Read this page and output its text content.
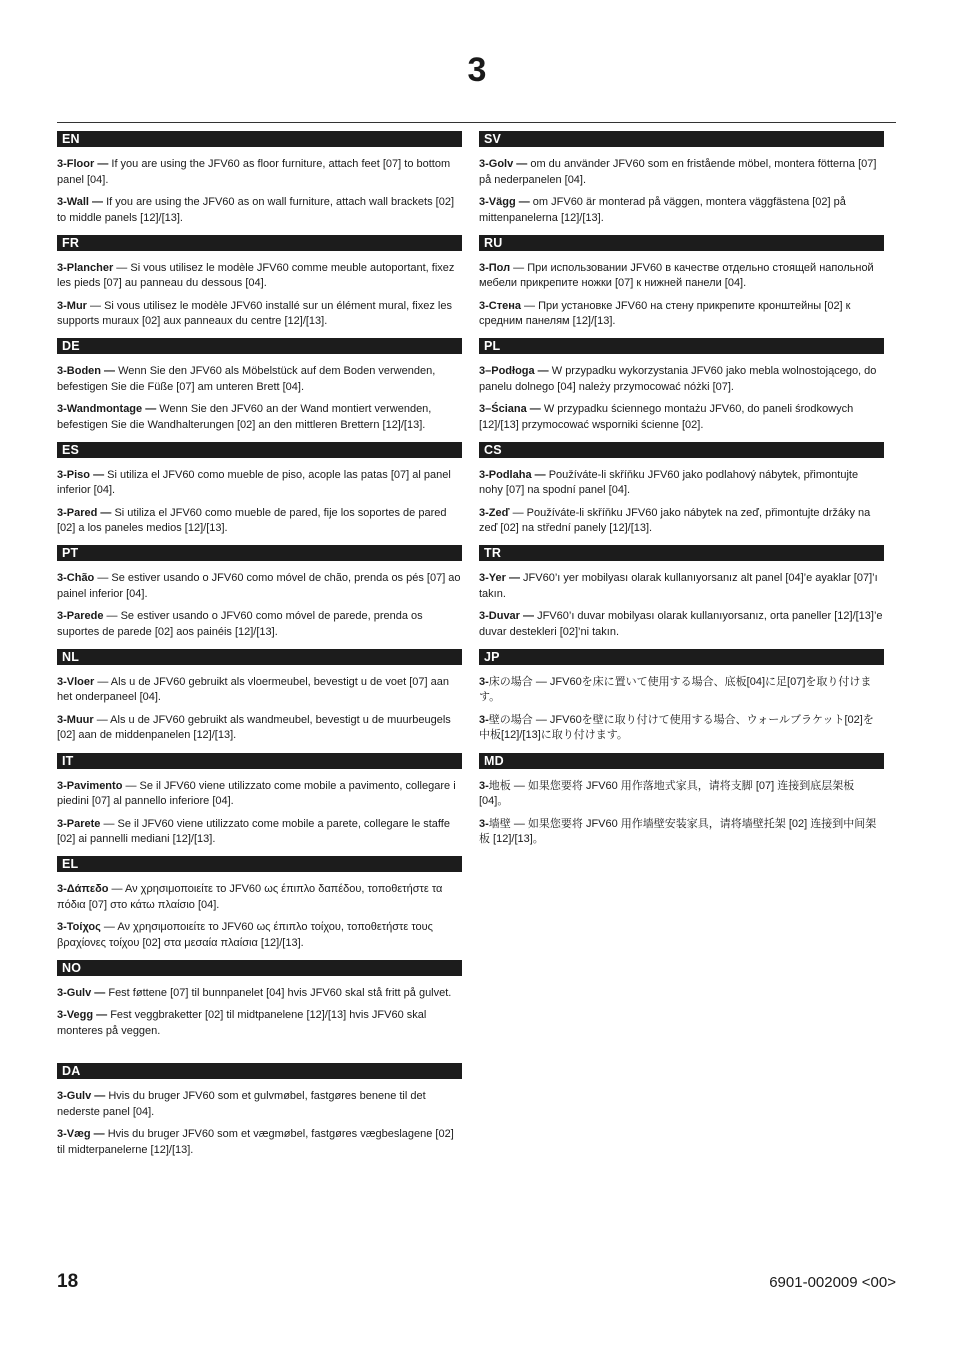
3
EN

3-Floor — If you are using the JFV60 as floor furniture, attach feet [07] to bottom panel [04].

3-Wall — If you are using the JFV60 as on wall furniture, attach wall brackets [02] to middle panels [12]/[13].

FR

3-Plancher — Si vous utilisez le modèle JFV60 comme meuble autoportant, fixez les pieds [07] au panneau du dessous [04].

3-Mur — Si vous utilisez le modèle JFV60 installé sur un élément mural, fixez les supports muraux [02] aux panneaux du centre [12]/[13].

DE

3-Boden — Wenn Sie den JFV60 als Möbelstück auf dem Boden verwenden, befestigen Sie die Füße [07] am unteren Brett [04].

3-Wandmontage — Wenn Sie den JFV60 an der Wand montiert verwenden, befestigen Sie die Wandhalterungen [02] an den mittleren Brettern [12]/[13].

ES

3-Piso — Si utiliza el JFV60 como mueble de piso, acople las patas [07] al panel inferior [04].

3-Pared — Si utiliza el JFV60 como mueble de pared, fije los soportes de pared [02] a los paneles medios [12]/[13].

PT

3-Chão — Se estiver usando o JFV60 como móvel de chão, prenda os pés [07] ao painel inferior [04].

3-Parede — Se estiver usando o JFV60 como móvel de parede, prenda os suportes de parede [02] aos painéis [12]/[13].

NL

3-Vloer — Als u de JFV60 gebruikt als vloermeubel, bevestigt u de voet [07] aan het onderpaneel [04].

3-Muur — Als u de JFV60 gebruikt als wandmeubel, bevestigt u de muurbeugels [02] aan de middenpanelen [12]/[13].

IT

3-Pavimento — Se il JFV60 viene utilizzato come mobile a pavimento, collegare i piedini [07] al pannello inferiore [04].

3-Parete — Se il JFV60 viene utilizzato come mobile a parete, collegare le staffe [02] ai pannelli mediani [12]/[13].

EL

3-Δάπεδο — Αν χρησιμοποιείτε το JFV60 ως έπιπλο δαπέδου, τοποθετήστε τα πόδια [07] στο κάτω πλαίσιο [04].

3-Τοίχος — Αν χρησιμοποιείτε το JFV60 ως έπιπλο τοίχου, τοποθετήστε τους βραχίονες τοίχου [02] στα μεσαία πλαίσια [12]/[13].

NO

3-Gulv — Fest føttene [07] til bunnpanelet [04] hvis JFV60 skal stå fritt på gulvet.

3-Vegg — Fest veggbraketter [02] til midtpanelene [12]/[13] hvis JFV60 skal monteres på veggen.

DA

3-Gulv — Hvis du bruger JFV60 som et gulvmøbel, fastgøres benene til det nederste panel [04].

3-Væg — Hvis du bruger JFV60 som et vægmøbel, fastgøres vægbeslagene [02] til midterpanelerne [12]/[13].

SV

3-Golv — om du använder JFV60 som en fristående möbel, montera fötterna [07] på nederpanelen [04].

3-Vägg — om JFV60 är monterad på väggen, montera väggfästena [02] på mittenpanelerna [12]/[13].

RU

3-Пол — При использовании JFV60 в качестве отдельно стоящей напольной мебели прикрепите ножки [07] к нижней панели [04].

3-Стена — При установке JFV60 на стену прикрепите кронштейны [02] к средним панелям [12]/[13].

PL

3–Podłoga — W przypadku wykorzystania JFV60 jako mebla wolnostojącego, do panelu dolnego [04] należy przymocować nóżki [07].

3–Ściana — W przypadku ściennego montażu JFV60, do paneli środkowych [12]/[13] przymocować wsporniki ścienne [02].

CS

3-Podlaha — Používáte-li skříňku JFV60 jako podlahový nábytek, přimontujte nohy [07] na spodní panel [04].

3-Zeď — Používáte-li skříňku JFV60 jako nábytek na zeď, přimontujte držáky na zeď [02] na střední panely [12]/[13].

TR

3-Yer — JFV60’ı yer mobilyası olarak kullanıyorsanız alt panel [04]’e ayaklar [07]’ı takın.

3-Duvar — JFV60’ı duvar mobilyası olarak kullanıyorsanız, orta paneller [12]/[13]’e duvar destekleri [02]’ni takın.

JP

3-床の場合 — JFV60を床に置いて使用する場合、底板[04]に足[07]を取り付けます。

3-壁の場合 — JFV60を壁に取り付けて使用する場合、ウォールブラケット[02]を中板[12]/[13]に取り付けます。

MD

3-地板 — 如果您要将 JFV60 用作落地式家具，请将支脚 [07] 连接到底层架板 [04]。

3-墙壁 — 如果您要将 JFV60 用作墙壁安装家具，请将墙壁托架 [02] 连接到中间架板 [12]/[13]。

18	6901-002009 <00>
